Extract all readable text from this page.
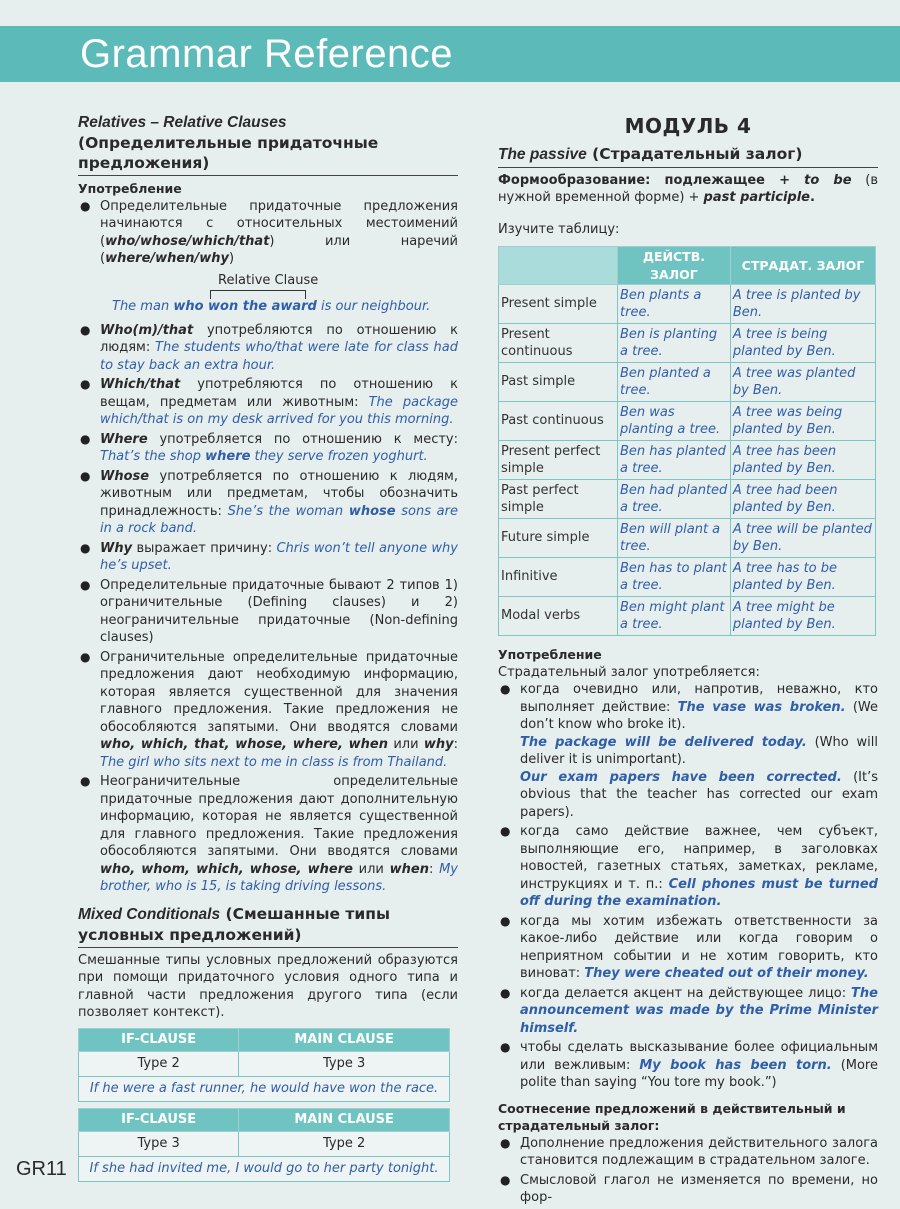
Grammar Reference
Relatives – Relative Clauses
(Определительные придаточные предложения)
Употребление
● Определительные придаточные предложения начинаются с относительных местоимений (who/whose/which/that) или наречий (where/when/why)
Relative Clause
The man who won the award is our neighbour.
● Who(m)/that употребляются по отношению к людям: The students who/that were late for class had to stay back an extra hour.
● Which/that употребляются по отношению к вещам, предметам или животным: The package which/that is on my desk arrived for you this morning.
● Where употребляется по отношению к месту: That’s the shop where they serve frozen yoghurt.
● Whose употребляется по отношению к людям, животным или предметам, чтобы обозначить принадлежность: She’s the woman whose sons are in a rock band.
● Why выражает причину: Chris won’t tell anyone why he’s upset.
● Определительные придаточные бывают 2 типов 1) ограничительные (Defining clauses) и 2) неограничительные придаточные (Non-defining clauses)
● Ограничительные определительные придаточные предложения дают необходимую информацию, которая является существенной для значения главного предложения. Такие предложения не обособляются запятыми. Они вводятся словами who, which, that, whose, where, when или why: The girl who sits next to me in class is from Thailand.
● Неограничительные определительные придаточные предложения дают дополнительную информацию, которая не является существенной для главного предложения. Такие предложения обособляются запятыми. Они вводятся словами who, whom, which, whose, where или when: My brother, who is 15, is taking driving lessons.
Mixed Conditionals (Смешанные типы условных предложений)
Смешанные типы условных предложений образуются при помощи придаточного условия одного типа и главной части предложения другого типа (если позволяет контекст).
IF-CLAUSE	MAIN CLAUSE
Type 2	Type 3
If he were a fast runner, he would have won the race.	
IF-CLAUSE	MAIN CLAUSE
Type 3	Type 2
If she had invited me, I would go to her party tonight.	
МОДУЛЬ 4
The passive (Страдательный залог)
Формообразование: подлежащее + to be (в нужной временной форме) + past participle.
Изучите таблицу:
	ДЕЙСТВ. ЗАЛОГ	СТРАДАТ. ЗАЛОГ
Present simple	Ben plants a tree.	A tree is planted by Ben.
Present continuous	Ben is planting a tree.	A tree is being planted by Ben.
Past simple	Ben planted a tree.	A tree was planted by Ben.
Past continuous	Ben was planting a tree.	A tree was being planted by Ben.
Present perfect simple	Ben has planted a tree.	A tree has been planted by Ben.
Past perfect simple	Ben had planted a tree.	A tree had been planted by Ben.
Future simple	Ben will plant a tree.	A tree will be planted by Ben.
Infinitive	Ben has to plant a tree.	A tree has to be planted by Ben.
Modal verbs	Ben might plant a tree.	A tree might be planted by Ben.
Употребление
Страдательный залог употребляется:
● когда очевидно или, напротив, неважно, кто выполняет действие: The vase was broken. (We don’t know who broke it).
The package will be delivered today. (Who will deliver it is unimportant).
Our exam papers have been corrected. (It’s obvious that the teacher has corrected our exam papers).
● когда само действие важнее, чем субъект, выполняющие его, например, в заголовках новостей, газетных статьях, заметках, рекламе, инструкциях и т. п.: Cell phones must be turned off during the examination.
● когда мы хотим избежать ответственности за какое-либо действие или когда говорим о неприятном событии и не хотим говорить, кто виноват: They were cheated out of their money.
● когда делается акцент на действующее лицо: The announcement was made by the Prime Minister himself.
● чтобы сделать высказывание более официальным или вежливым: My book has been torn. (More polite than saying “You tore my book.”)
Соотнесение предложений в действительный и страдательный залог:
● Дополнение предложения действительного залога становится подлежащим в страдательном залоге.
● Смысловой глагол не изменяется по времени, но фор-
GR11
